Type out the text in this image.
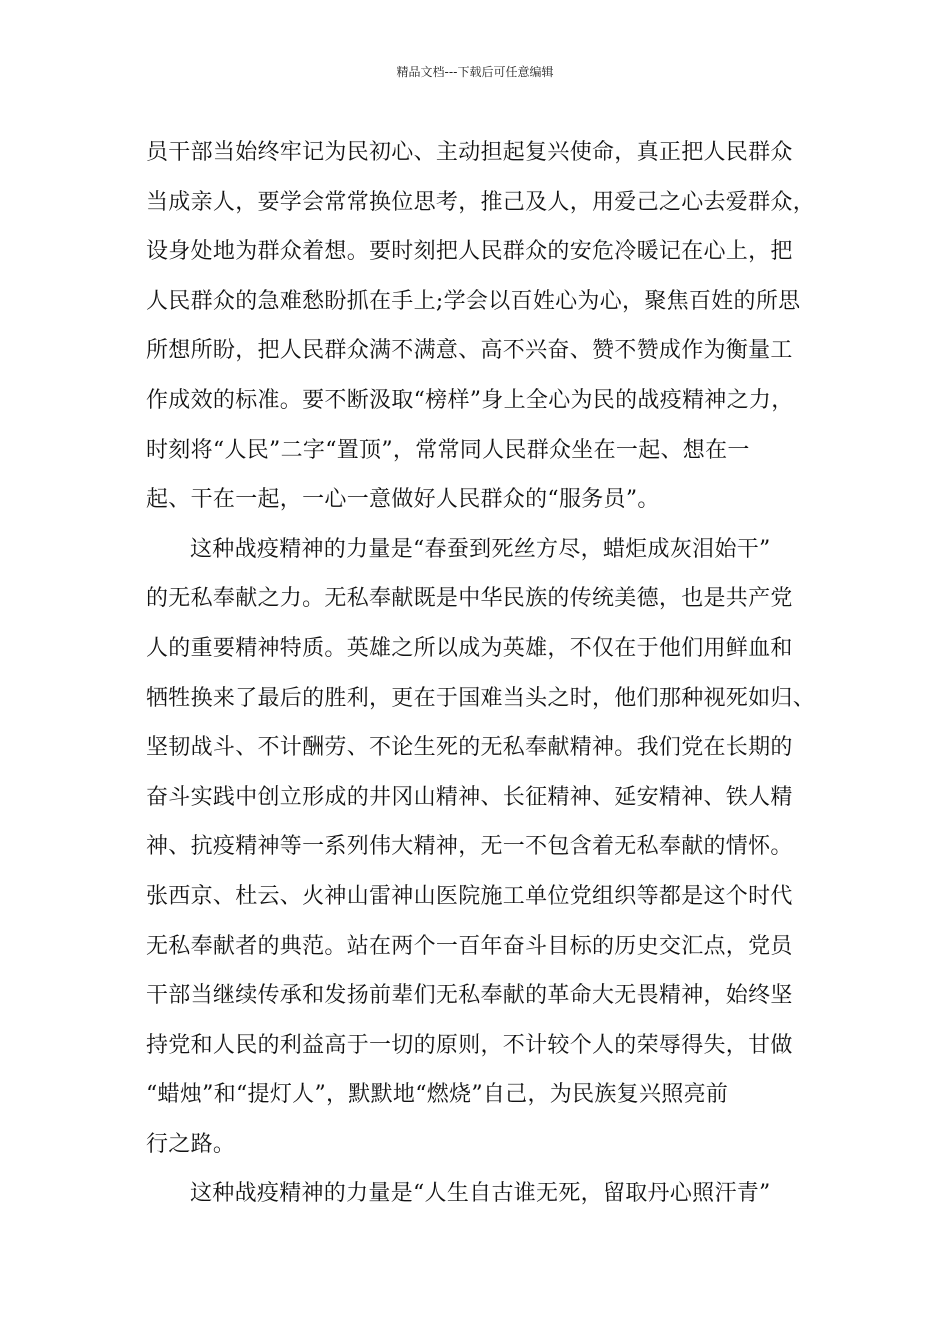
精品文档---下载后可任意编辑
员干部当始终牢记为民初心、主动担起复兴使命，真正把人民群众
当成亲人，要学会常常换位思考，推己及人，用爱己之心去爱群众，
设身处地为群众着想。要时刻把人民群众的安危冷暖记在心上，把
人民群众的急难愁盼抓在手上;学会以百姓心为心，聚焦百姓的所思
所想所盼，把人民群众满不满意、高不兴奋、赞不赞成作为衡量工
作成效的标准。要不断汲取“榜样”身上全心为民的战疫精神之力，
时刻将“人民”二字“置顶”，常常同人民群众坐在一起、想在一
起、干在一起，一心一意做好人民群众的“服务员”。
这种战疫精神的力量是“春蚕到死丝方尽，蜡炬成灰泪始干”
的无私奉献之力。无私奉献既是中华民族的传统美德，也是共产党
人的重要精神特质。英雄之所以成为英雄，不仅在于他们用鲜血和
牺牲换来了最后的胜利，更在于国难当头之时，他们那种视死如归、
坚韧战斗、不计酬劳、不论生死的无私奉献精神。我们党在长期的
奋斗实践中创立形成的井冈山精神、长征精神、延安精神、铁人精
神、抗疫精神等一系列伟大精神，无一不包含着无私奉献的情怀。
张西京、杜云、火神山雷神山医院施工单位党组织等都是这个时代
无私奉献者的典范。站在两个一百年奋斗目标的历史交汇点，党员
干部当继续传承和发扬前辈们无私奉献的革命大无畏精神，始终坚
持党和人民的利益高于一切的原则，不计较个人的荣辱得失，甘做
“蜡烛”和“提灯人”，默默地“燃烧”自己，为民族复兴照亮前
行之路。
这种战疫精神的力量是“人生自古谁无死，留取丹心照汗青”
